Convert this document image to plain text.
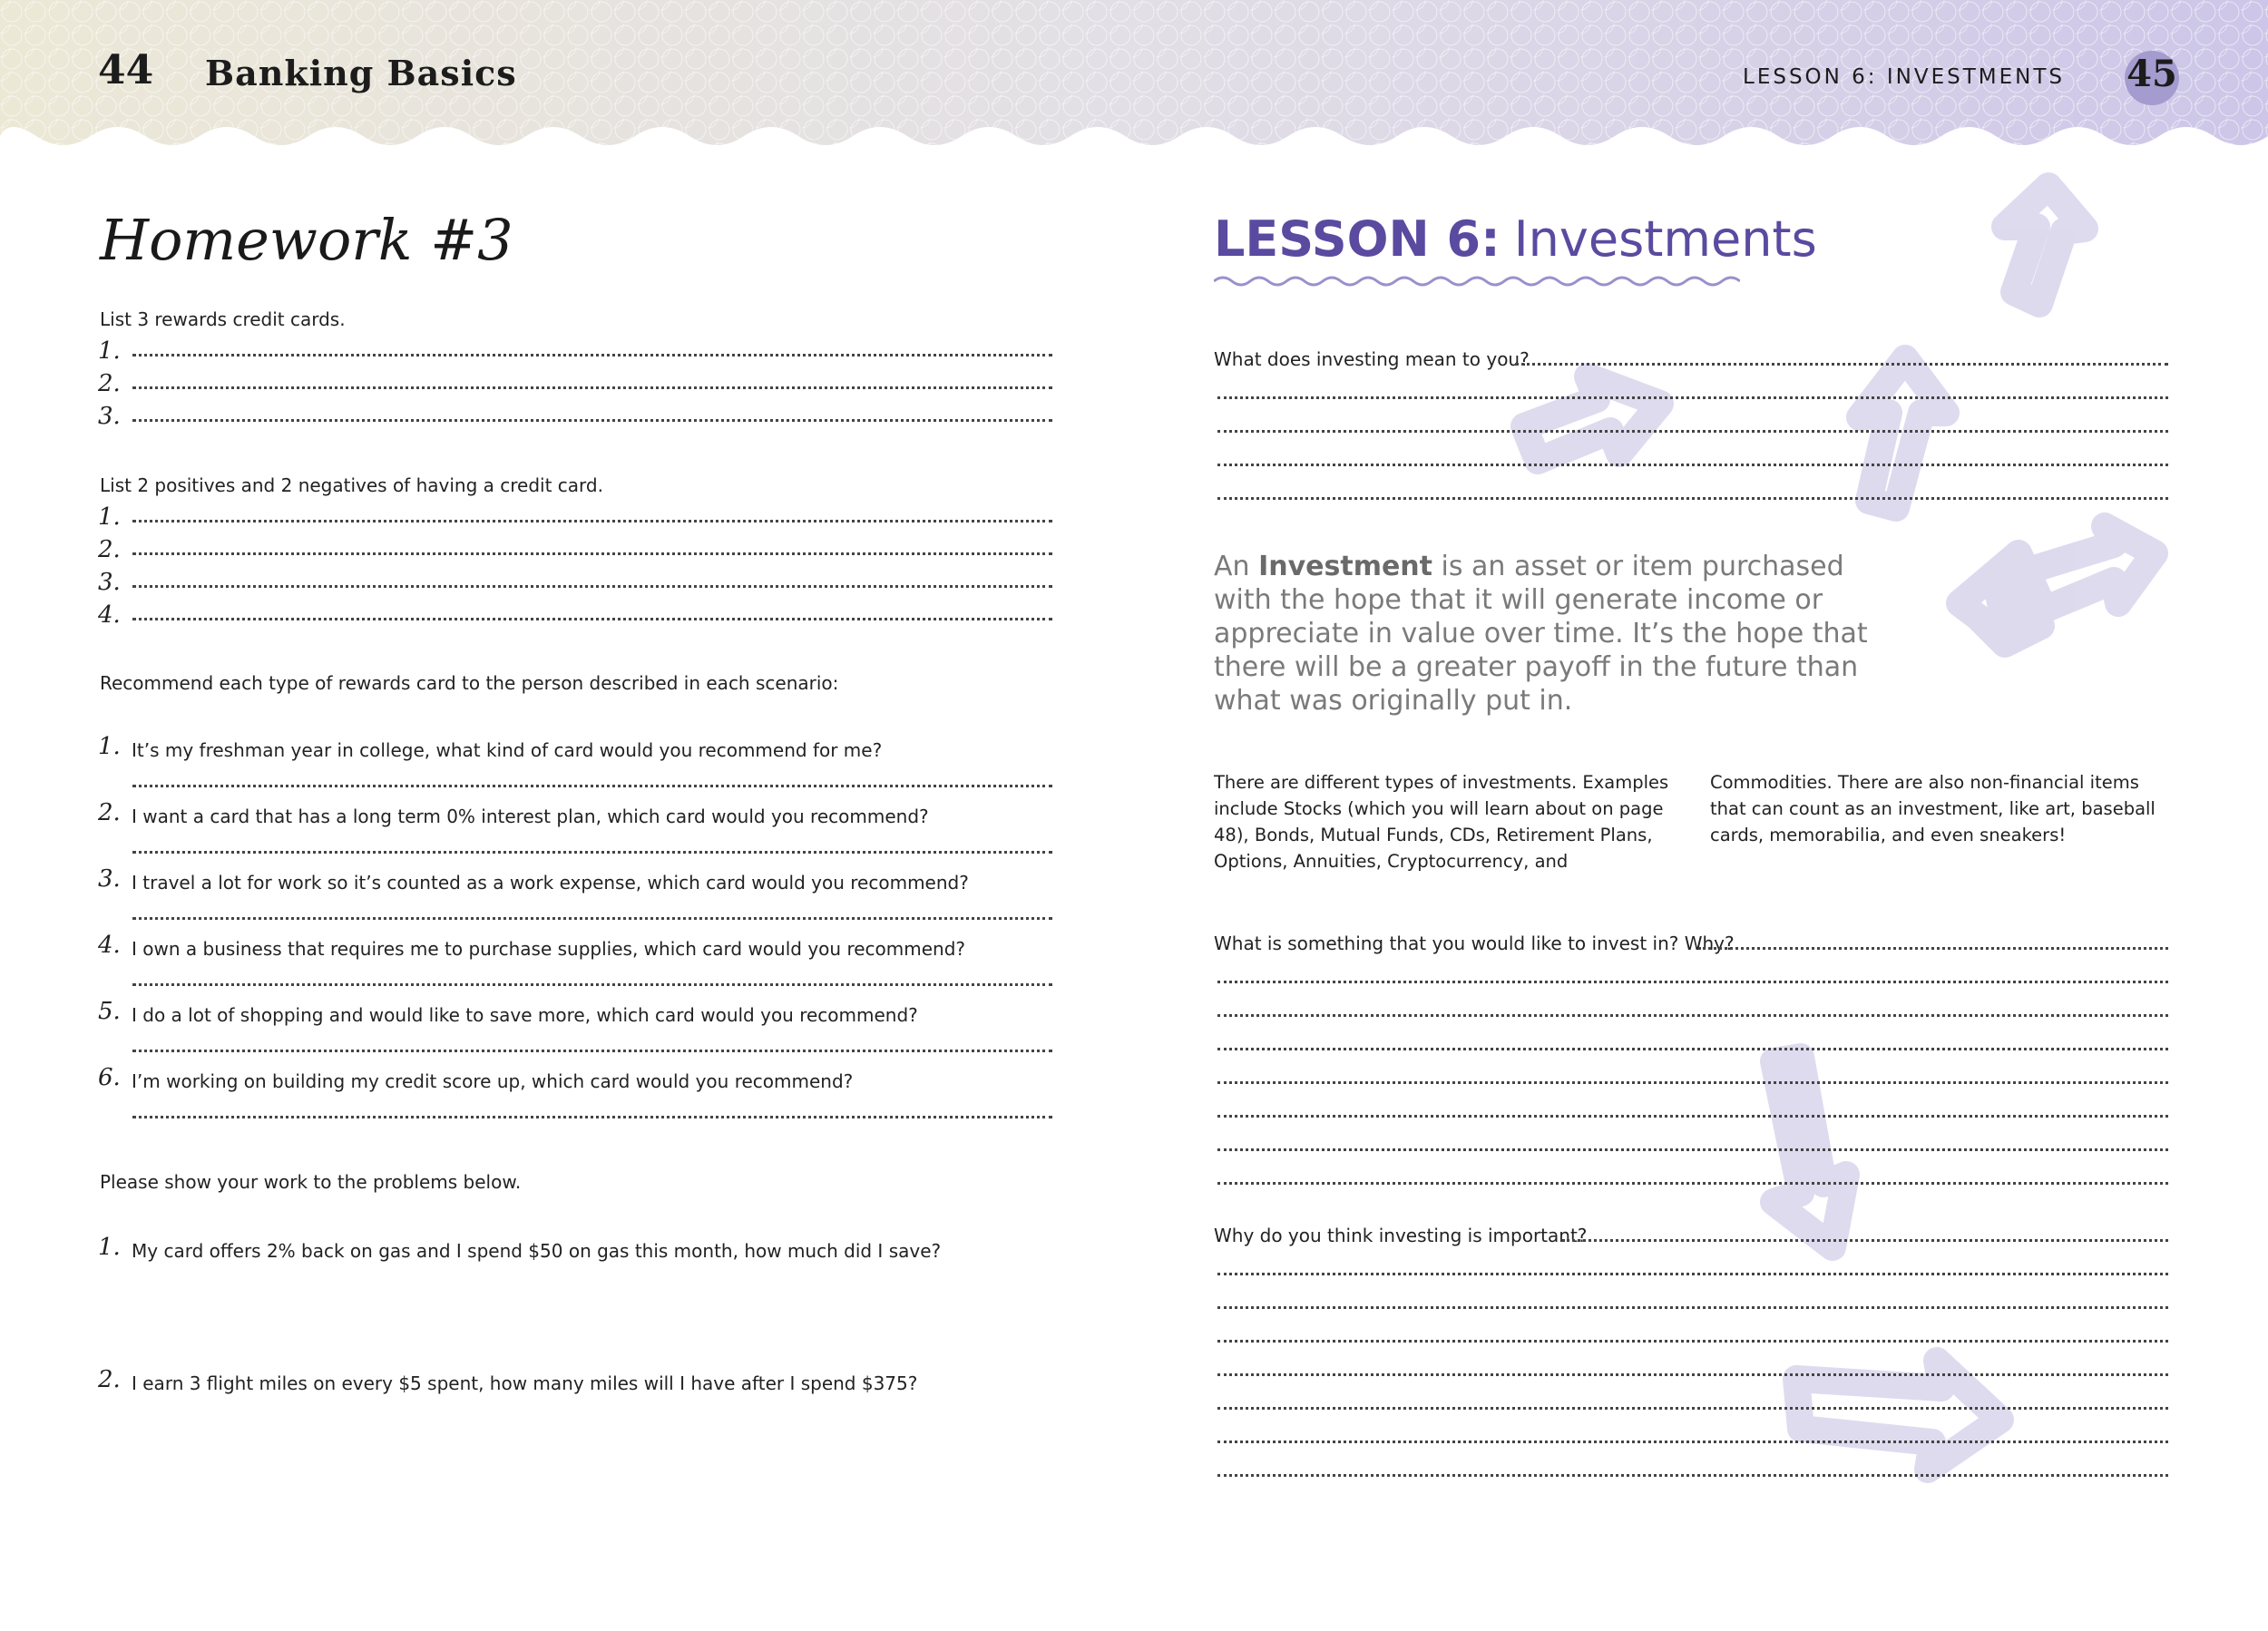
44 Banking Basics	LESSON 6: INVESTMENTS 45
Homework #3
List 3 rewards credit cards.
1.
2.
3.
List 2 positives and 2 negatives of having a credit card.
1.
2.
3.
4.
Recommend each type of rewards card to the person described in each scenario:
1. It’s my freshman year in college, what kind of card would you recommend for me?
2. I want a card that has a long term 0% interest plan, which card would you recommend?
3. I travel a lot for work so it’s counted as a work expense, which card would you recommend?
4. I own a business that requires me to purchase supplies, which card would you recommend?
5. I do a lot of shopping and would like to save more, which card would you recommend?
6. I’m working on building my credit score up, which card would you recommend?
Please show your work to the problems below.
1. My card offers 2% back on gas and I spend $50 on gas this month, how much did I save?
2. I earn 3 flight miles on every $5 spent, how many miles will I have after I spend $375?
LESSON 6: Investments
What does investing mean to you?
An Investment is an asset or item purchased with the hope that it will generate income or appreciate in value over time. It’s the hope that there will be a greater payoff in the future than what was originally put in.
There are different types of investments. Examples include Stocks (which you will learn about on page 48), Bonds, Mutual Funds, CDs, Retirement Plans, Options, Annuities, Cryptocurrency, and
Commodities. There are also non-financial items that can count as an investment, like art, baseball cards, memorabilia, and even sneakers!
What is something that you would like to invest in? Why?
Why do you think investing is important?
